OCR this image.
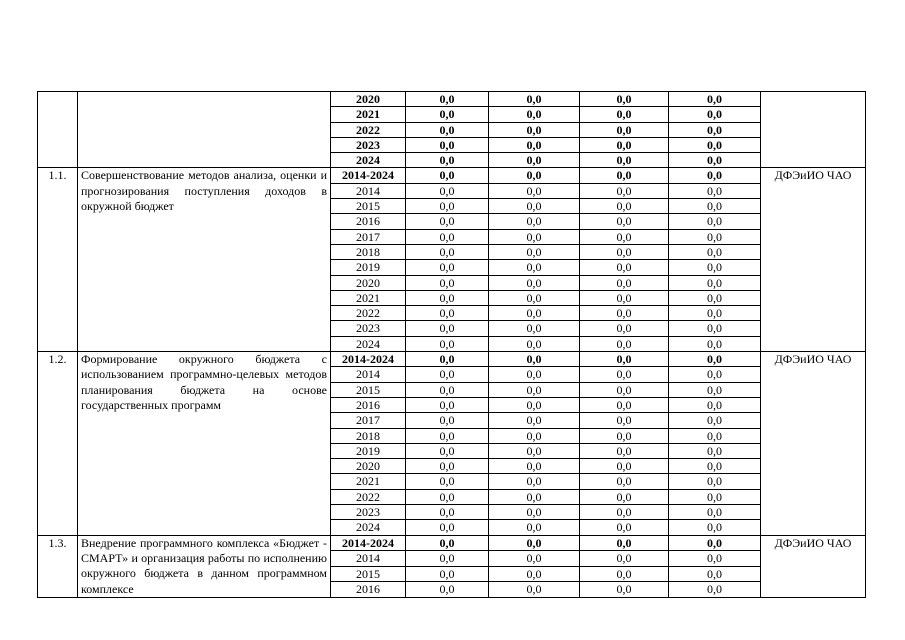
		2020	0,0	0,0	0,0	0,0	
		2021	0,0	0,0	0,0	0,0	
		2022	0,0	0,0	0,0	0,0	
		2023	0,0	0,0	0,0	0,0	
		2024	0,0	0,0	0,0	0,0	
1.1.	Совершенствование методов анализа, оценки и прогнозирования поступления доходов в окружной бюджет	2014-2024	0,0	0,0	0,0	0,0	ДФЭиИО ЧАО
		2014	0,0	0,0	0,0	0,0	
		2015	0,0	0,0	0,0	0,0	
		2016	0,0	0,0	0,0	0,0	
		2017	0,0	0,0	0,0	0,0	
		2018	0,0	0,0	0,0	0,0	
		2019	0,0	0,0	0,0	0,0	
		2020	0,0	0,0	0,0	0,0	
		2021	0,0	0,0	0,0	0,0	
		2022	0,0	0,0	0,0	0,0	
		2023	0,0	0,0	0,0	0,0	
		2024	0,0	0,0	0,0	0,0	
1.2.	Формирование окружного бюджета с использованием программно-целевых методов планирования бюджета на основе государственных программ	2014-2024	0,0	0,0	0,0	0,0	ДФЭиИО ЧАО
		2014	0,0	0,0	0,0	0,0	
		2015	0,0	0,0	0,0	0,0	
		2016	0,0	0,0	0,0	0,0	
		2017	0,0	0,0	0,0	0,0	
		2018	0,0	0,0	0,0	0,0	
		2019	0,0	0,0	0,0	0,0	
		2020	0,0	0,0	0,0	0,0	
		2021	0,0	0,0	0,0	0,0	
		2022	0,0	0,0	0,0	0,0	
		2023	0,0	0,0	0,0	0,0	
		2024	0,0	0,0	0,0	0,0	
1.3.	Внедрение программного комплекса «Бюджет - СМАРТ» и организация работы по исполнению окружного бюджета в данном программном комплексе	2014-2024	0,0	0,0	0,0	0,0	ДФЭиИО ЧАО
		2014	0,0	0,0	0,0	0,0	
		2015	0,0	0,0	0,0	0,0	
		2016	0,0	0,0	0,0	0,0	
